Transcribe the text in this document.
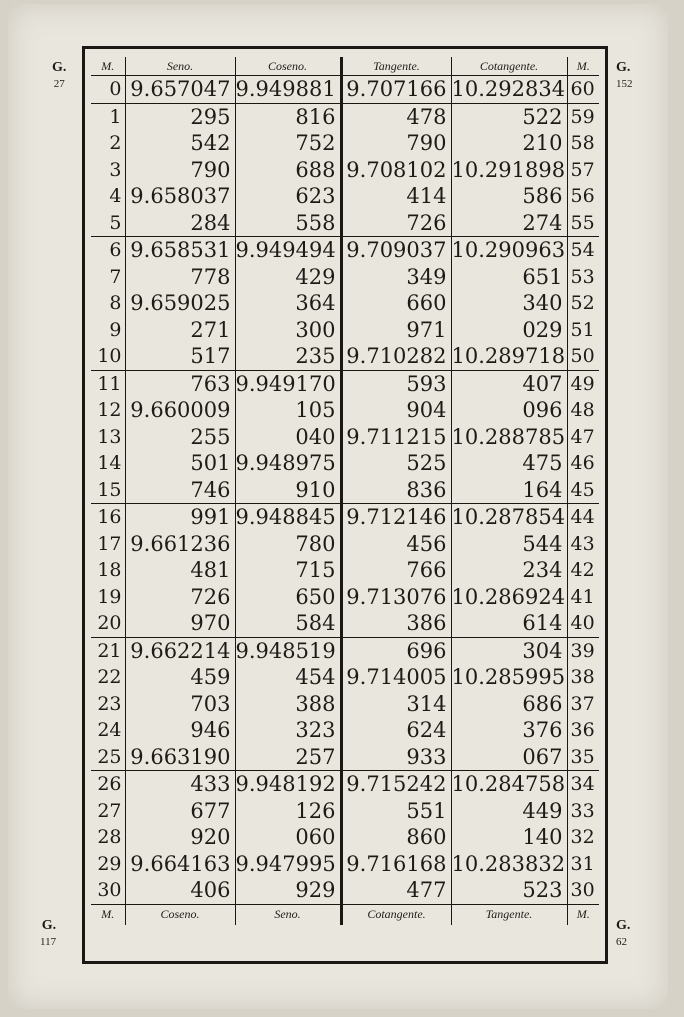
G.
27
G.
152
G.
117
G.
62
M.	Seno.	Coseno.	Tangente.	Cotangente.	M.
0	9.657047	9.949881	9.707166	10.292834	60
1	295	816	478	522	59
2	542	752	790	210	58
3	790	688	9.708102	10.291898	57
4	9.658037	623	414	586	56
5	284	558	726	274	55
6	9.658531	9.949494	9.709037	10.290963	54
7	778	429	349	651	53
8	9.659025	364	660	340	52
9	271	300	971	029	51
10	517	235	9.710282	10.289718	50
11	763	9.949170	593	407	49
12	9.660009	105	904	096	48
13	255	040	9.711215	10.288785	47
14	501	9.948975	525	475	46
15	746	910	836	164	45
16	991	9.948845	9.712146	10.287854	44
17	9.661236	780	456	544	43
18	481	715	766	234	42
19	726	650	9.713076	10.286924	41
20	970	584	386	614	40
21	9.662214	9.948519	696	304	39
22	459	454	9.714005	10.285995	38
23	703	388	314	686	37
24	946	323	624	376	36
25	9.663190	257	933	067	35
26	433	9.948192	9.715242	10.284758	34
27	677	126	551	449	33
28	920	060	860	140	32
29	9.664163	9.947995	9.716168	10.283832	31
30	406	929	477	523	30
M.	Coseno.	Seno.	Cotangente.	Tangente.	M.
